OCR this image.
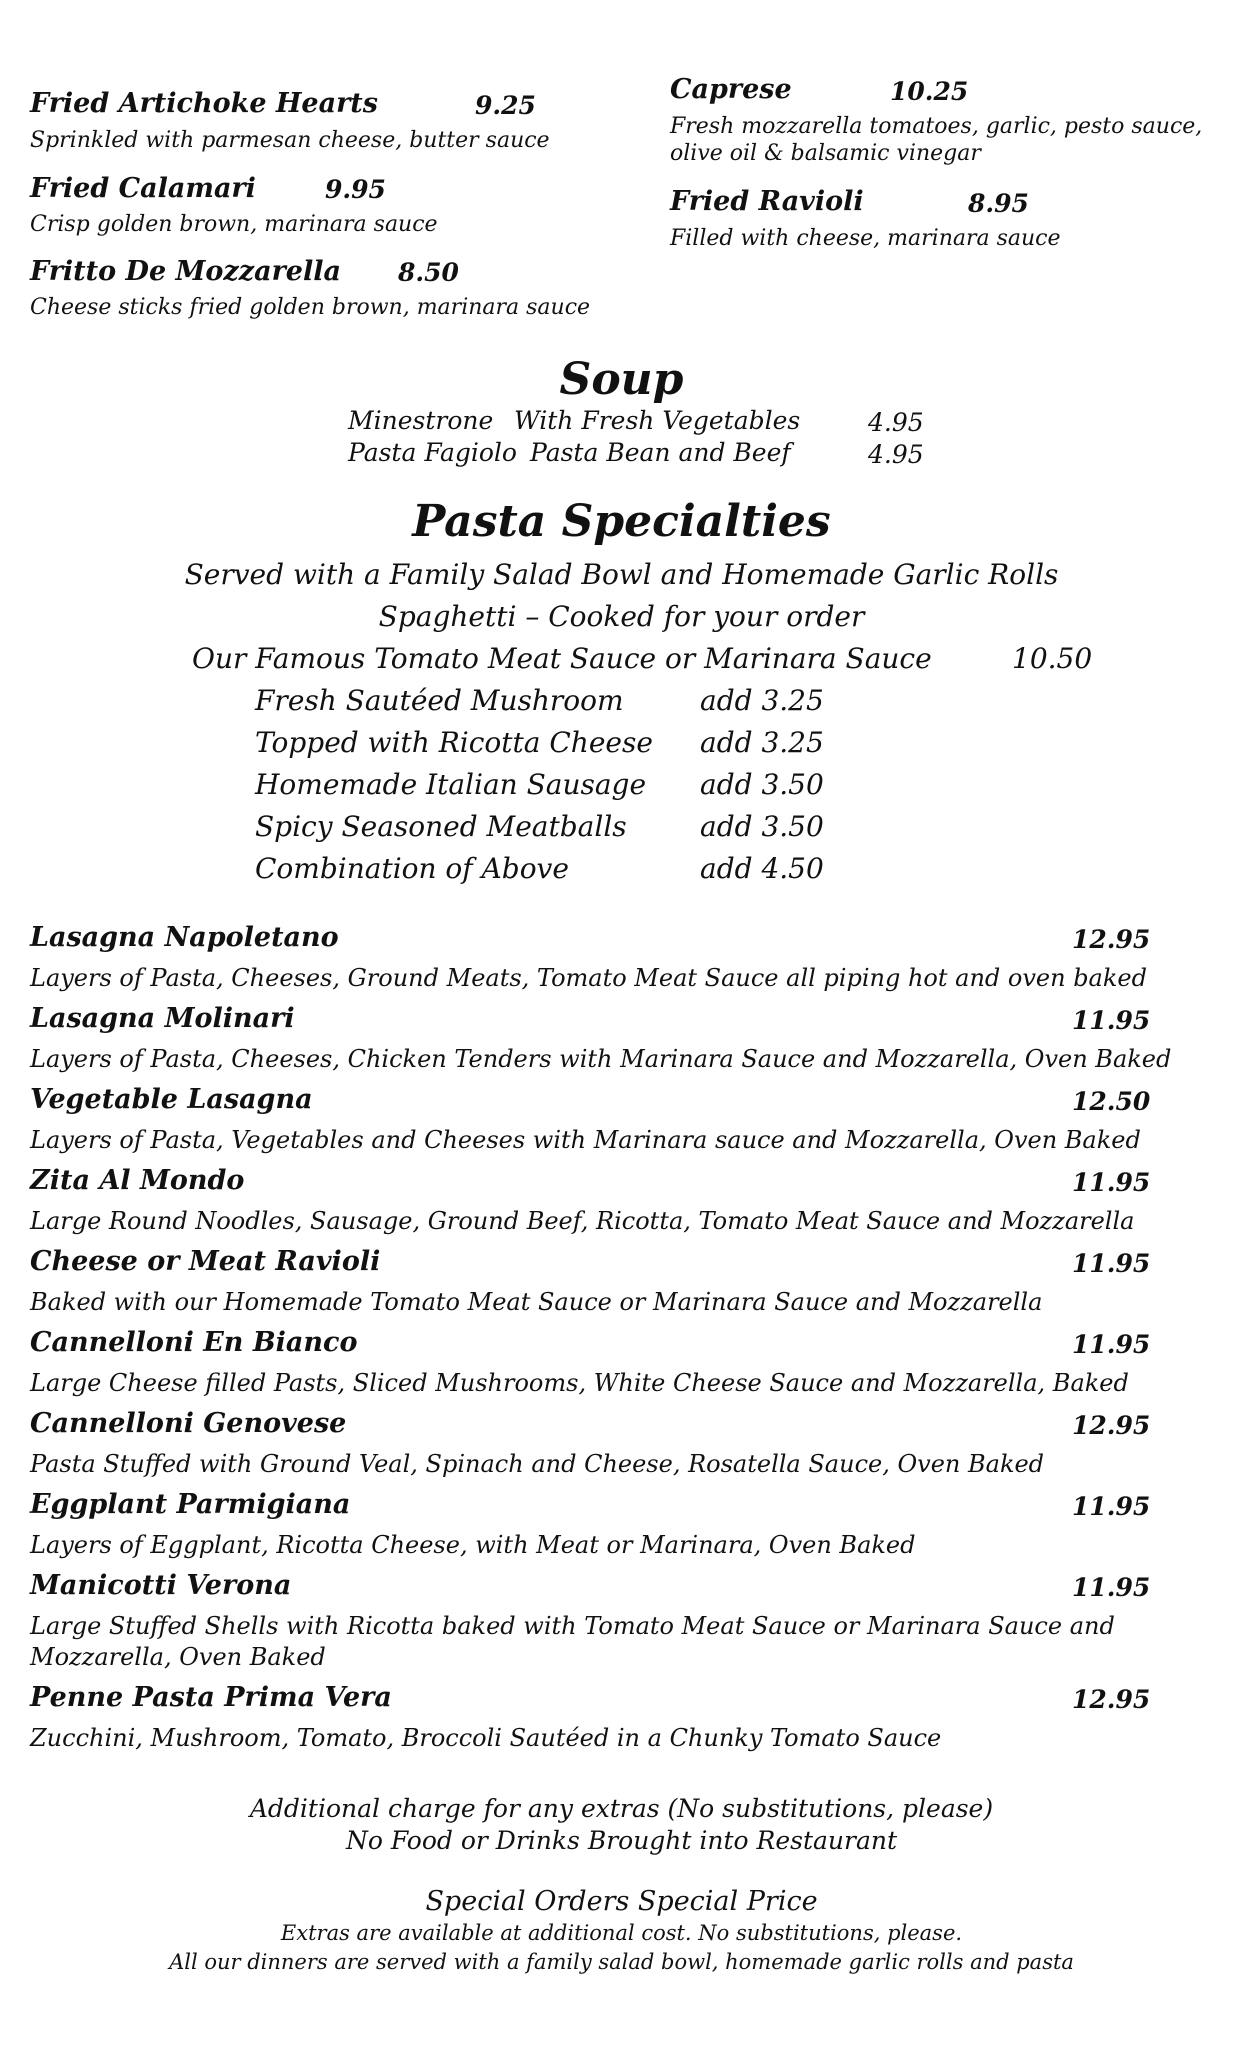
Fried Artichoke Hearts	9.25
Sprinkled with parmesan cheese, butter sauce
Fried Calamari	9.95
Crisp golden brown, marinara sauce
Fritto De Mozzarella 8.50
Cheese sticks fried golden brown, marinara sauce
Caprese	10.25
Fresh mozzarella tomatoes, garlic, pesto sauce,
olive oil & balsamic vinegar
Fried Ravioli	8.95
Filled with cheese, marinara sauce
Soup
Minestrone With Fresh Vegetables	4.95
Pasta Fagiolo Pasta Bean and Beef	4.95
Pasta Specialties
Served with a Family Salad Bowl and Homemade Garlic Rolls
Spaghetti – Cooked for your order
Our Famous Tomato Meat Sauce or Marinara Sauce	10.50
Fresh Sautéed Mushroom	add 3.25
Topped with Ricotta Cheese add 3.25
Homemade Italian Sausage add 3.50
Spicy Seasoned Meatballs	add 3.50
Combination of Above	add 4.50
Lasagna Napoletano	12.95
Layers of Pasta, Cheeses, Ground Meats, Tomato Meat Sauce all piping hot and oven baked
Lasagna Molinari	11.95
Layers of Pasta, Cheeses, Chicken Tenders with Marinara Sauce and Mozzarella, Oven Baked
Vegetable Lasagna	12.50
Layers of Pasta, Vegetables and Cheeses with Marinara sauce and Mozzarella, Oven Baked
Zita Al Mondo	11.95
Large Round Noodles, Sausage, Ground Beef, Ricotta, Tomato Meat Sauce and Mozzarella
Cheese or Meat Ravioli	11.95
Baked with our Homemade Tomato Meat Sauce or Marinara Sauce and Mozzarella
Cannelloni En Bianco	11.95
Large Cheese filled Pasts, Sliced Mushrooms, White Cheese Sauce and Mozzarella, Baked
Cannelloni Genovese	12.95
Pasta Stuffed with Ground Veal, Spinach and Cheese, Rosatella Sauce, Oven Baked
Eggplant Parmigiana	11.95
Layers of Eggplant, Ricotta Cheese, with Meat or Marinara, Oven Baked
Manicotti Verona	11.95
Large Stuffed Shells with Ricotta baked with Tomato Meat Sauce or Marinara Sauce and
Mozzarella, Oven Baked
Penne Pasta Prima Vera	12.95
Zucchini, Mushroom, Tomato, Broccoli Sautéed in a Chunky Tomato Sauce
Additional charge for any extras (No substitutions, please)
No Food or Drinks Brought into Restaurant
Special Orders Special Price
Extras are available at additional cost. No substitutions, please.
All our dinners are served with a family salad bowl, homemade garlic rolls and pasta
